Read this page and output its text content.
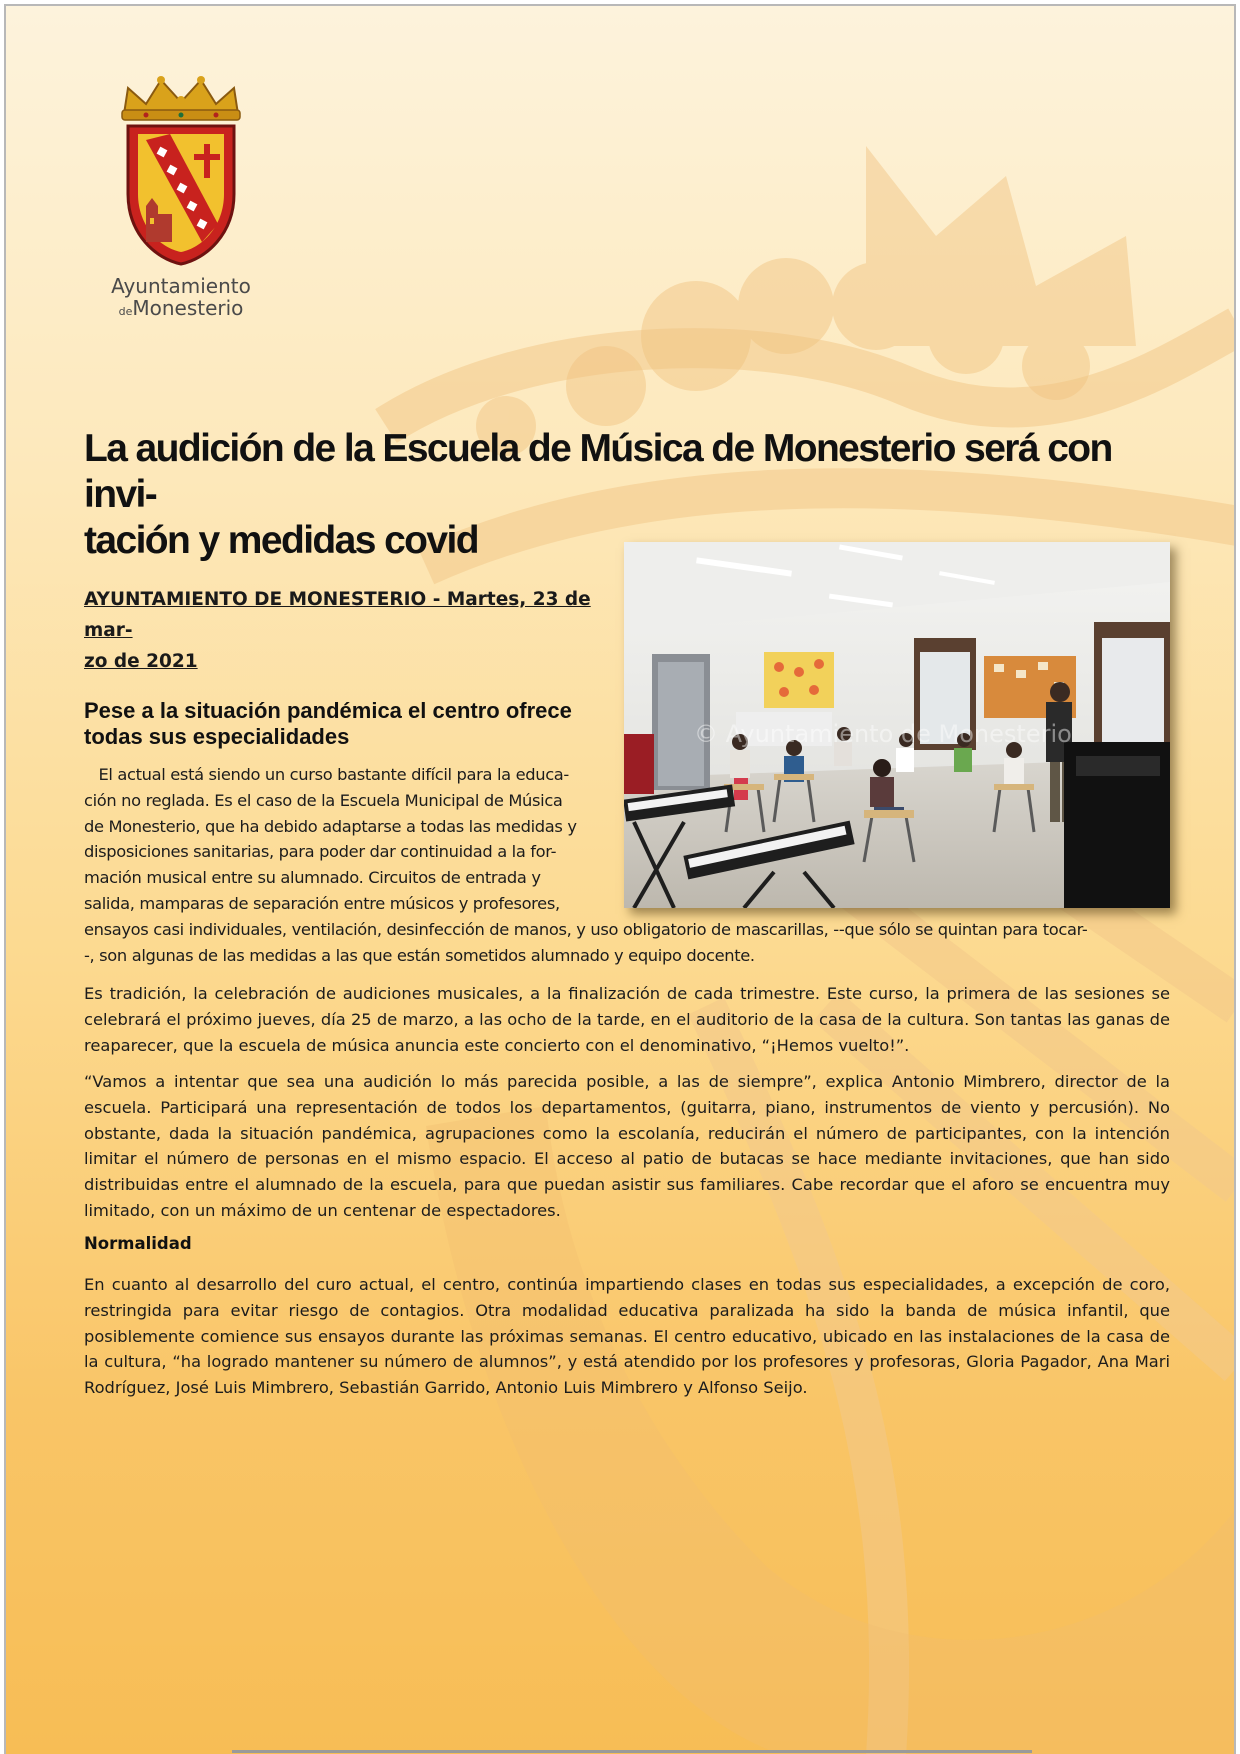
Ayuntamiento
deMonesterio
La audición de la Escuela de Música de Monesterio será con invi-
tación y medidas covid
AYUNTAMIENTO DE MONESTERIO - Martes, 23 de mar-
zo de 2021
© Ayuntamiento de Monesterio
Pese a la situación pandémica el centro ofrece
todas sus especialidades
El actual está siendo un curso bastante difícil para la educa-
ción no reglada. Es el caso de la Escuela Municipal de Música
de Monesterio, que ha debido adaptarse a todas las medidas y
disposiciones sanitarias, para poder dar continuidad a la for-
mación musical entre su alumnado. Circuitos de entrada y
salida, mamparas de separación entre músicos y profesores,
ensayos casi individuales, ventilación, desinfección de manos, y uso obligatorio de mascarillas, --que sólo se quintan para tocar-
-, son algunas de las medidas a las que están sometidos alumnado y equipo docente.

Es tradición, la celebración de audiciones musicales, a la finalización de cada trimestre. Este curso, la primera de las sesiones se celebrará el próximo jueves, día 25 de marzo, a las ocho de la tarde, en el auditorio de la casa de la cultura. Son tantas las ganas de reaparecer, que la escuela de música anuncia este concierto con el denominativo, “¡Hemos vuelto!”.

“Vamos a intentar que sea una audición lo más parecida posible, a las de siempre”, explica Antonio Mimbrero, director de la escuela. Participará una representación de todos los departamentos, (guitarra, piano, instrumentos de viento y percusión). No obstante, dada la situación pandémica, agrupaciones como la escolanía, reducirán el número de participantes, con la intención limitar el número de personas en el mismo espacio. El acceso al patio de butacas se hace mediante invitaciones, que han sido distribuidas entre el alumnado de la escuela, para que puedan asistir sus familiares. Cabe recordar que el aforo se encuentra muy limitado, con un máximo de un centenar de espectadores.

Normalidad

En cuanto al desarrollo del curo actual, el centro, continúa impartiendo clases en todas sus especialidades, a excepción de coro, restringida para evitar riesgo de contagios. Otra modalidad educativa paralizada ha sido la banda de música infantil, que posiblemente comience sus ensayos durante las próximas semanas. El centro educativo, ubicado en las instalaciones de la casa de la cultura, “ha logrado mantener su número de alumnos”, y está atendido por los profesores y profesoras, Gloria Pagador, Ana Mari Rodríguez, José Luis Mimbrero, Sebastián Garrido, Antonio Luis Mimbrero y Alfonso Seijo.
